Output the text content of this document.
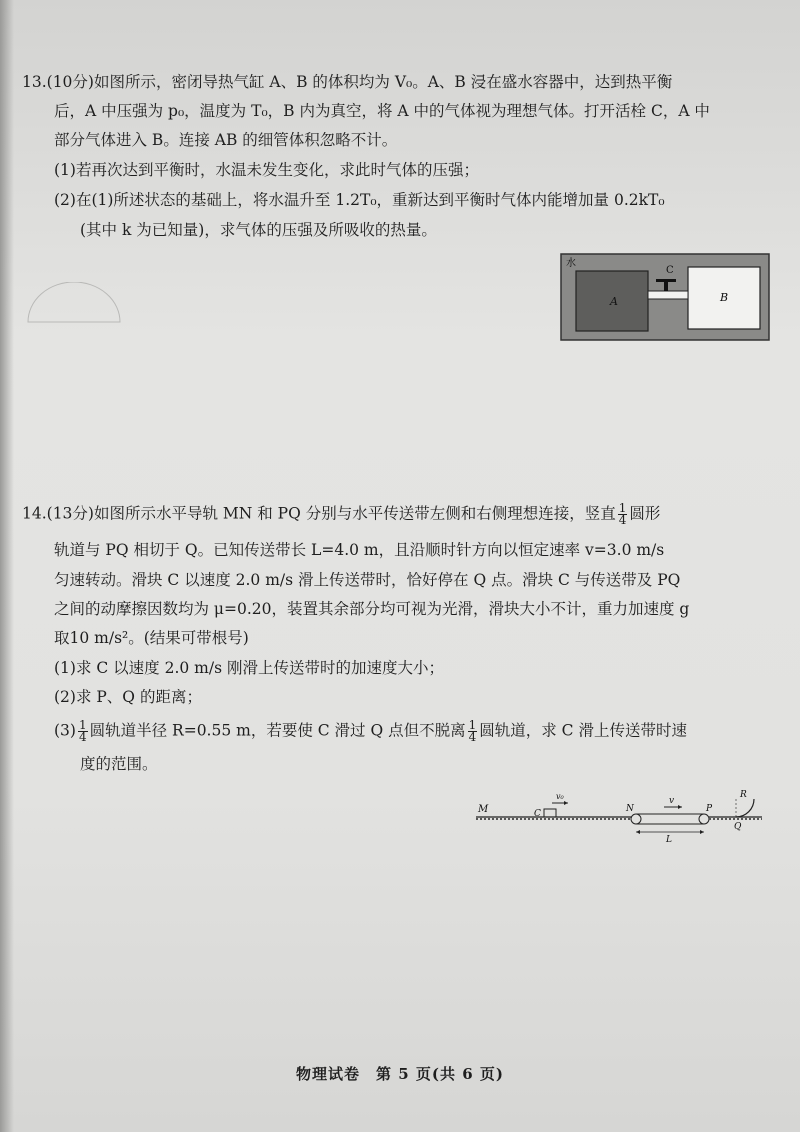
13.(10分)如图所示，密闭导热气缸 A、B 的体积均为 V₀。A、B 浸在盛水容器中，达到热平衡
后，A 中压强为 p₀，温度为 T₀，B 内为真空，将 A 中的气体视为理想气体。打开活栓 C，A 中
部分气体进入 B。连接 AB 的细管体积忽略不计。
(1)若再次达到平衡时，水温未发生变化，求此时气体的压强；
(2)在(1)所述状态的基础上，将水温升至 1.2T₀，重新达到平衡时气体内能增加量 0.2kT₀
(其中 k 为已知量)，求气体的压强及所吸收的热量。
水
C
A	B
14.(13分)如图所示水平导轨 MN 和 PQ 分别与水平传送带左侧和右侧理想连接，竖直 $\frac{1}{4}$ 圆形
轨道与 PQ 相切于 Q。已知传送带长 L=4.0 m，且沿顺时针方向以恒定速率 v=3.0 m/s
匀速转动。滑块 C 以速度 2.0 m/s 滑上传送带时，恰好停在 Q 点。滑块 C 与传送带及 PQ
之间的动摩擦因数均为 μ=0.20，装置其余部分均可视为光滑，滑块大小不计，重力加速度 g
取10 m/s²。(结果可带根号)
(1)求 C 以速度 2.0 m/s 刚滑上传送带时的加速度大小；
(2)求 P、Q 的距离；
$(3) \frac{1}{4}$ 圆轨道半径 R=0.55 m，若要使 C 滑过 Q 点但不脱离 $\frac{1}{4}$ 圆轨道，求 C 滑上传送带时速
度的范围。
M	C
v₀
N
v
P
L
R
Q
物理试卷　第 5 页(共 6 页)
